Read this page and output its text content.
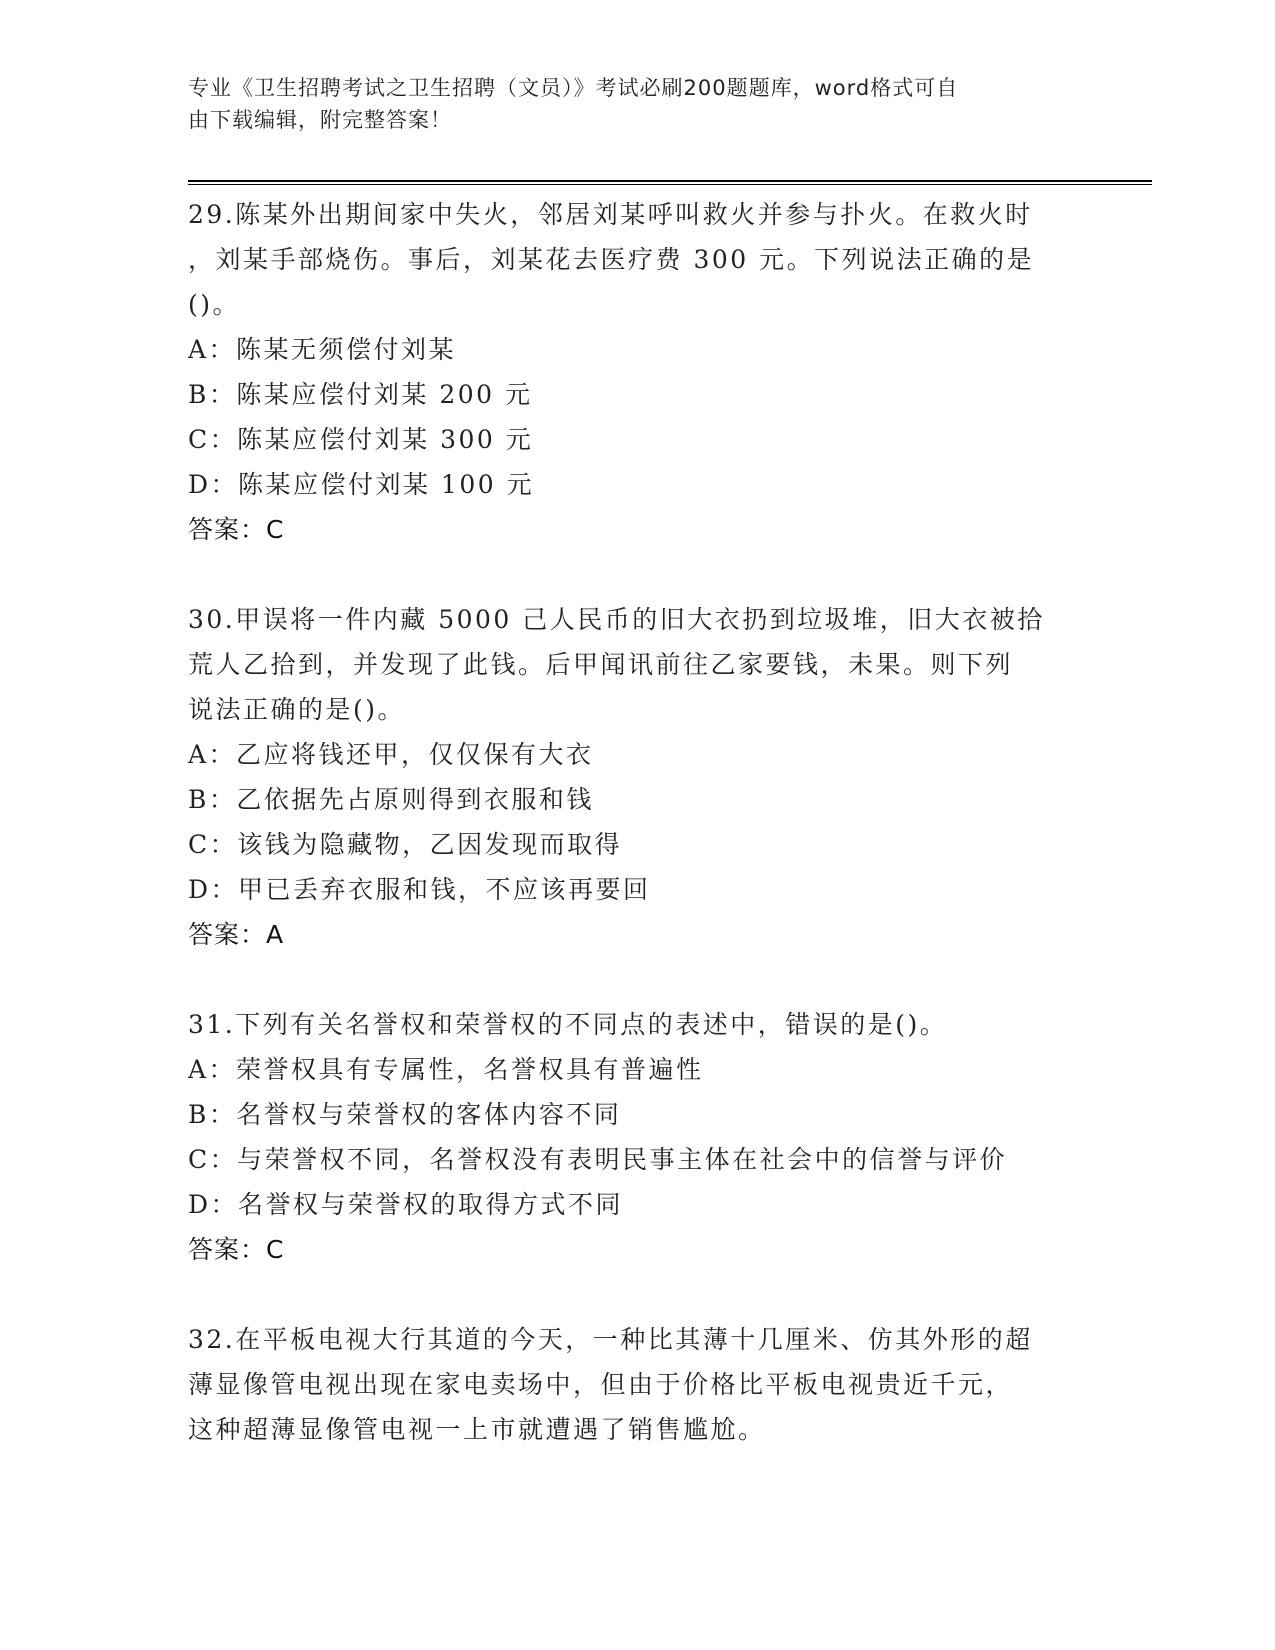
专业《卫生招聘考试之卫生招聘（文员）》考试必刷200题题库，word格式可自
由下载编辑，附完整答案！

29.陈某外出期间家中失火，邻居刘某呼叫救火并参与扑火。在救火时

，刘某手部烧伤。事后，刘某花去医疗费 300 元。下列说法正确的是

()。

A：陈某无须偿付刘某

B：陈某应偿付刘某 200 元

C：陈某应偿付刘某 300 元

D：陈某应偿付刘某 100 元

答案：C

30.甲误将一件内藏 5000 己人民币的旧大衣扔到垃圾堆，旧大衣被拾

荒人乙拾到，并发现了此钱。后甲闻讯前往乙家要钱，未果。则下列

说法正确的是()。

A：乙应将钱还甲，仅仅保有大衣

B：乙依据先占原则得到衣服和钱

C：该钱为隐藏物，乙因发现而取得

D：甲已丢弃衣服和钱，不应该再要回

答案：A

31.下列有关名誉权和荣誉权的不同点的表述中，错误的是()。

A：荣誉权具有专属性，名誉权具有普遍性

B：名誉权与荣誉权的客体内容不同

C：与荣誉权不同，名誉权没有表明民事主体在社会中的信誉与评价

D：名誉权与荣誉权的取得方式不同

答案：C

32.在平板电视大行其道的今天，一种比其薄十几厘米、仿其外形的超

薄显像管电视出现在家电卖场中，但由于价格比平板电视贵近千元，

这种超薄显像管电视一上市就遭遇了销售尴尬。
